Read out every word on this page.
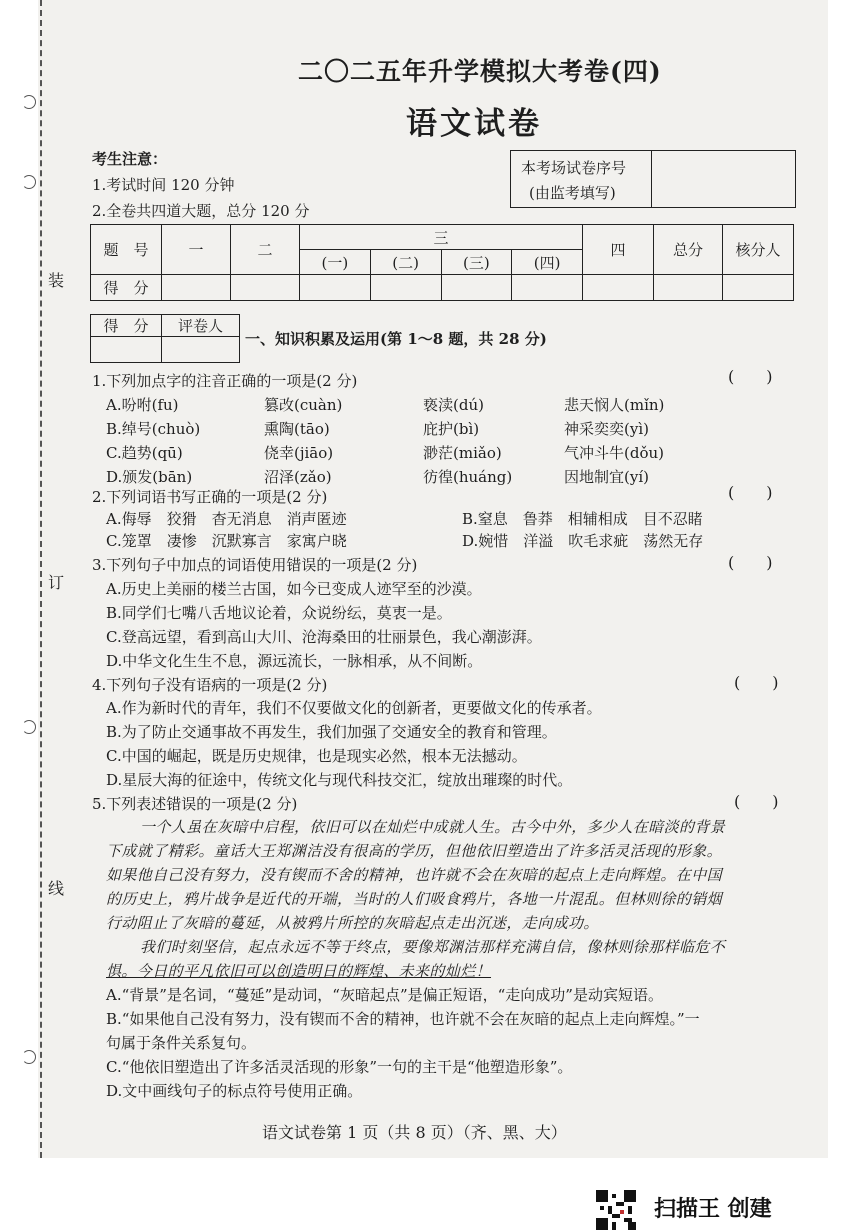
装
订
线
二〇二五年升学模拟大考卷(四)
语文试卷
考生注意：
1.考试时间 120 分钟
2.全卷共四道大题，总分 120 分
本考场试卷序号
(由监考填写)
题　号	一	二	三				四	总分	核分人
			(一)	(二)	(三)	(四)			
得　分									
得　分	评卷人

一、知识积累及运用(第 1～8 题，共 28 分)
1.下列加点字的注音正确的一项是(2 分)	(　　)
A.吩咐(fu)	篡改(cuàn)	亵渎(dú)	悲天悯人(mǐn)
B.绰号(chuò)	熏陶(tāo)	庇护(bì)	神采奕奕(yì)
C.趋势(qū)	侥幸(jiāo)	渺茫(miǎo)	气冲斗牛(dǒu)
D.颁发(bān)	沼泽(zǎo)	彷徨(huáng)	因地制宜(yí)
2.下列词语书写正确的一项是(2 分)	(　　)
A.侮辱　狡猾　杳无消息　消声匿迹	B.窒息　鲁莽　相辅相成　目不忍睹
C.笼罩　凄惨　沉默寡言　家寓户晓	D.婉惜　洋溢　吹毛求疵　荡然无存
3.下列句子中加点的词语使用错误的一项是(2 分)	(　　)
A.历史上美丽的楼兰古国，如今已变成人迹罕至的沙漠。
B.同学们七嘴八舌地议论着，众说纷纭，莫衷一是。
C.登高远望，看到高山大川、沧海桑田的壮丽景色，我心潮澎湃。
D.中华文化生生不息，源远流长，一脉相承，从不间断。
4.下列句子没有语病的一项是(2 分)	(　　)
A.作为新时代的青年，我们不仅要做文化的创新者，更要做文化的传承者。
B.为了防止交通事故不再发生，我们加强了交通安全的教育和管理。
C.中国的崛起，既是历史规律，也是现实必然，根本无法撼动。
D.星辰大海的征途中，传统文化与现代科技交汇，绽放出璀璨的时代。
5.下列表述错误的一项是(2 分)	(　　)
一个人虽在灰暗中启程，依旧可以在灿烂中成就人生。古今中外，多少人在暗淡的背景
下成就了精彩。童话大王郑渊洁没有很高的学历，但他依旧塑造出了许多活灵活现的形象。
如果他自己没有努力，没有锲而不舍的精神，也许就不会在灰暗的起点上走向辉煌。在中国
的历史上，鸦片战争是近代的开端，当时的人们吸食鸦片，各地一片混乱。但林则徐的销烟
行动阻止了灰暗的蔓延，从被鸦片所控的灰暗起点走出沉迷，走向成功。
我们时刻坚信，起点永远不等于终点，要像郑渊洁那样充满自信，像林则徐那样临危不
惧。今日的平凡依旧可以创造明日的辉煌、未来的灿烂！
A.“背景”是名词，“蔓延”是动词，“灰暗起点”是偏正短语，“走向成功”是动宾短语。
B.“如果他自己没有努力，没有锲而不舍的精神，也许就不会在灰暗的起点上走向辉煌。”一
句属于条件关系复句。
C.“他依旧塑造出了许多活灵活现的形象”一句的主干是“他塑造形象”。
D.文中画线句子的标点符号使用正确。
语文试卷第 1 页（共 8 页）（齐、黑、大）
扫描王 创建
